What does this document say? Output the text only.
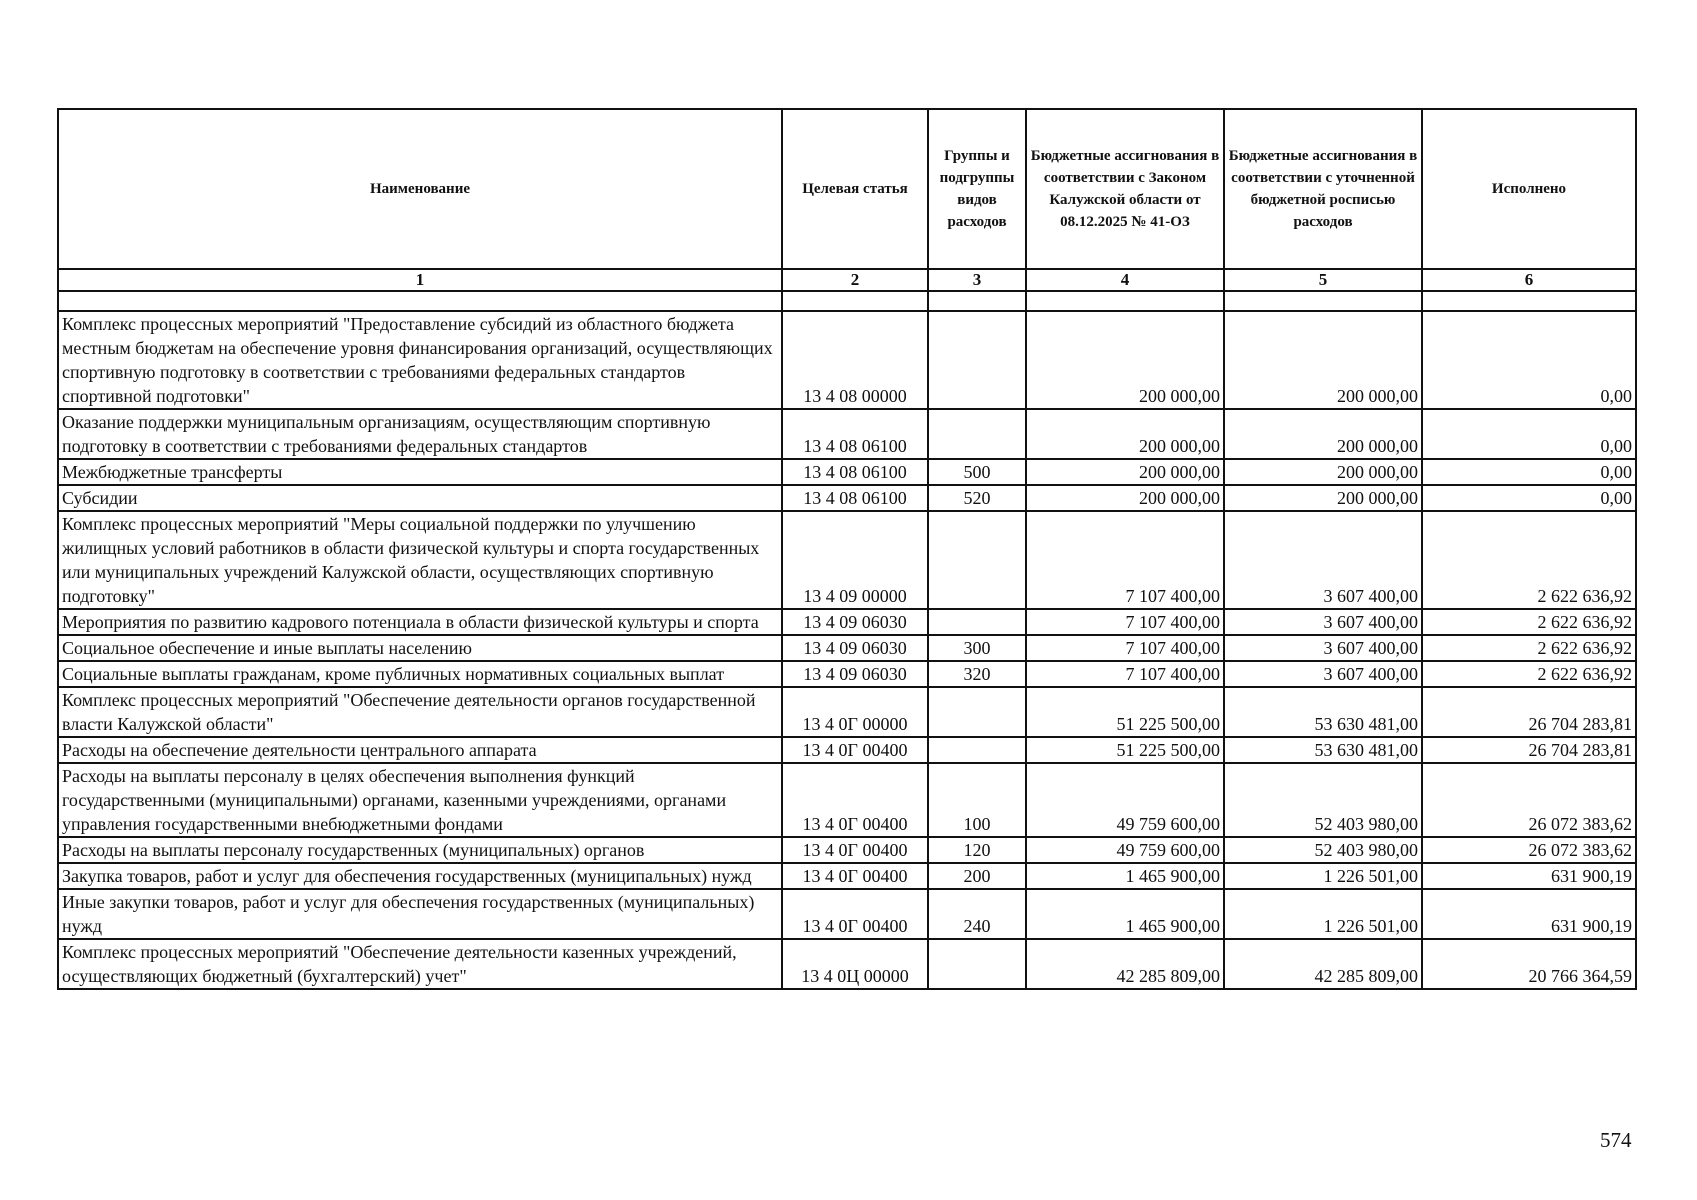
Наименование	Целевая статья	Группы и подгруппы видов расходов	Бюджетные ассигнования в соответствии с Законом Калужской области от 08.12.2025 № 41-ОЗ	Бюджетные ассигнования в соответствии с уточненной бюджетной росписью расходов	Исполнено
1	2	3	4	5	6

Комплекс процессных мероприятий "Предоставление субсидий из областного бюджета местным бюджетам на обеспечение уровня финансирования организаций, осуществляющих спортивную подготовку в соответствии с требованиями федеральных стандартов спортивной подготовки"	13 4 08 00000		200 000,00	200 000,00	0,00
Оказание поддержки муниципальным организациям, осуществляющим спортивную подготовку в соответствии с требованиями федеральных стандартов	13 4 08 06100		200 000,00	200 000,00	0,00
Межбюджетные трансферты	13 4 08 06100	500	200 000,00	200 000,00	0,00
Субсидии	13 4 08 06100	520	200 000,00	200 000,00	0,00
Комплекс процессных мероприятий "Меры социальной поддержки по улучшению жилищных условий работников в области физической культуры и спорта государственных или муниципальных учреждений Калужской области, осуществляющих спортивную подготовку"	13 4 09 00000		7 107 400,00	3 607 400,00	2 622 636,92
Мероприятия по развитию кадрового потенциала в области физической культуры и спорта	13 4 09 06030		7 107 400,00	3 607 400,00	2 622 636,92
Социальное обеспечение и иные выплаты населению	13 4 09 06030	300	7 107 400,00	3 607 400,00	2 622 636,92
Социальные выплаты гражданам, кроме публичных нормативных социальных выплат	13 4 09 06030	320	7 107 400,00	3 607 400,00	2 622 636,92
Комплекс процессных мероприятий "Обеспечение деятельности органов государственной власти Калужской области"	13 4 0Г 00000		51 225 500,00	53 630 481,00	26 704 283,81
Расходы на обеспечение деятельности центрального аппарата	13 4 0Г 00400		51 225 500,00	53 630 481,00	26 704 283,81
Расходы на выплаты персоналу в целях обеспечения выполнения функций государственными (муниципальными) органами, казенными учреждениями, органами управления государственными внебюджетными фондами	13 4 0Г 00400	100	49 759 600,00	52 403 980,00	26 072 383,62
Расходы на выплаты персоналу государственных (муниципальных) органов	13 4 0Г 00400	120	49 759 600,00	52 403 980,00	26 072 383,62
Закупка товаров, работ и услуг для обеспечения государственных (муниципальных) нужд	13 4 0Г 00400	200	1 465 900,00	1 226 501,00	631 900,19
Иные закупки товаров, работ и услуг для обеспечения государственных (муниципальных) нужд	13 4 0Г 00400	240	1 465 900,00	1 226 501,00	631 900,19
Комплекс процессных мероприятий "Обеспечение деятельности казенных учреждений, осуществляющих бюджетный (бухгалтерский) учет"	13 4 0Ц 00000		42 285 809,00	42 285 809,00	20 766 364,59
574
